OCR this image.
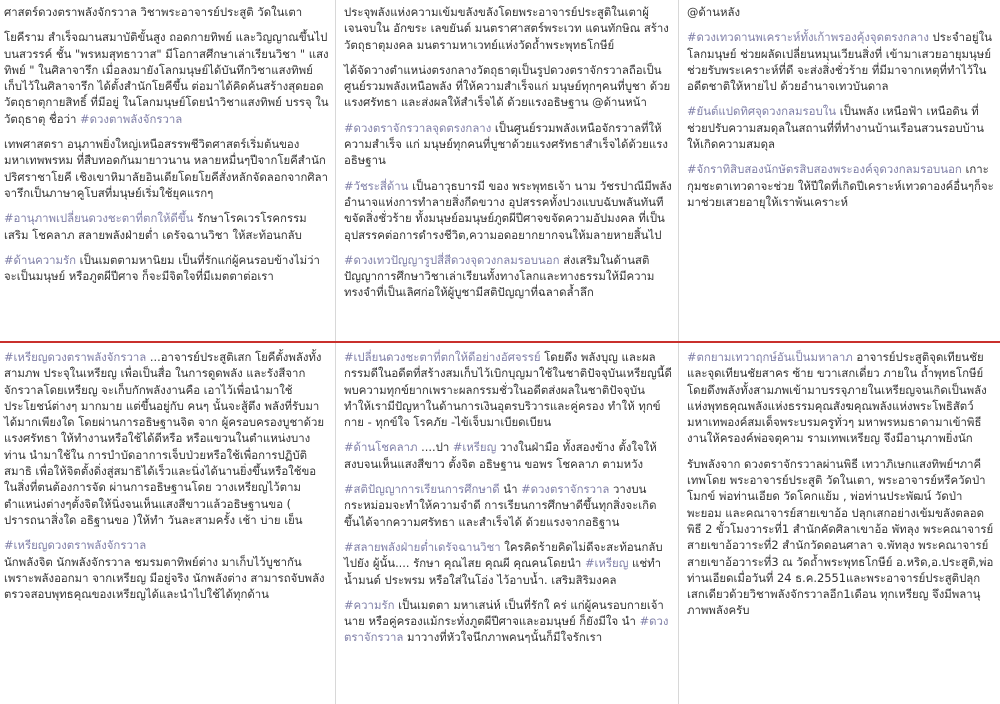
ศาสตร์ดวงตราพลังจักรวาล วิชาพระอาจารย์ประสูติ วัดในเตา
โยคีราม สำเร็จฌานสมาบัติขั้นสูง ถอดกายทิพย์ และวิญญาณขึ้นไปบนสวรรค์ ชั้น "พรหมสุทธาวาส" มีโอกาสศึกษาเล่าเรียนวิชา " แสงทิพย์ " ในศิลาจารึก เมื่อลงมายังโลกมนุษย์ได้บันทึกวิชาแสงทิพย์ เก็บไว้ในศิลาจารึก ได้ตั้งสำนักโยคีขึ้น ต่อมาได้คิดค้นสร้างสุดยอดวัตถุธาตุกายสิทธิ์ ที่มีอยู่ ในโลกมนุษย์โดยนำวิชาแสงทิพย์ บรรจุ ใน วัตถุธาตุ ชื่อว่า #ดวงตาพลังจักรวาล
เทพศาสตรา อนุภาพยิ่งใหญ่เหนือสรรพชีวิตศาสตร์เริ่มต้นของมหาเทพพรหม ที่สืบทอดกันมายาวนาน หลายหมื่นๆปีจากโยคีสำนักปริศราชาโยคี เชิงเขาหิมาลัยอินเดียโดยโยคีสั่งหลักจัดลอกจากศิลาจารึกเป็นภาษาคูโบสที่มนุษย์เริ่มใช้ยุคแรกๆ
#อานุภาพเปลี่ยนดวงชะตาที่ตกให้ดีขึ้น รักษาโรคเวรโรคกรรม เสริม โชคลาภ สลายพลังฝ่ายต่ำ เดรัจฉานวิชา ให้สะท้อนกลับ
#ด้านความรัก เป็นเมตตามหานิยม เป็นที่รักแก่ผู้คนรอบข้างไม่ว่าจะเป็นมนุษย์ หรือภูตผีปีศาจ ก็จะมีจิตใจที่มีเมตตาต่อเรา
ประจุพลังแห่งความเข้มขลังขลังโดยพระอาจารย์ประสูติในเตาผู้เจนจบใน อักขระ เลขยันต์ มนตราศาสตร์พระเวท แดนทักษิณ สร้างวัตถุธาตุมงคล มนตรามหาเวทย์แห่งวัดถ้ำพระพุทธโกษีย์
ได้จัดวางตำแหน่งตรงกลางวัตถุธาตุเป็นรูปดวงตราจักรวาลถือเป็นศูนย์รวมพลังเหนือพลัง ที่ให้ความสำเร็จแก่ มนุษย์ทุกๆคนที่บูชา ด้วยแรงศรัทธา และส่งผลให้สำเร็จได้ ด้วยแรงอธิษฐาน @ด้านหน้า
#ดวงตราจักรวาลจุดตรงกลาง เป็นศูนย์รวมพลังเหนือจักรวาลที่ให้ความสำเร็จ แก่ มนุษย์ทุกคนที่บูชาด้วยแรงศรัทธาสำเร็จได้ด้วยแรงอธิษฐาน
#วัชระสี่ด้าน เป็นอาวุธบารมี ของ พระพุทธเจ้า นาม วัชรปาณีมีพลังอำนาจแห่งการทำลายสิ่งกีดขวาง อุปสรรคทั้งปวงแบบฉับพลันทันที ขจัดสิ่งชั่วร้าย ทั้งมนุษย์อมนุษย์ภูตผีปีศาจขจัดความอัปมงคล ที่เป็นอุปสรรคต่อการดำรงชีวิต,ความอดอยากยากจนให้มลายหายสิ้นไป
#ดวงเทวปัญญารูปสี่สีดวงจุดวงกลมรอบนอก ส่งเสริมในด้านสติปัญญาการศึกษาวิชาเล่าเรียนทั้งทางโลกและทางธรรมให้มีความทรงจำที่เป็นเลิศก่อให้ผู้บูชามีสติปัญญาที่ฉลาดล้ำลึก
@ด้านหลัง
#ดวงเทวดานพเคราะห์ทั้งเก้าพรองคุ้งจุดตรงกลาง ประจำอยู่ในโลกมนุษย์ ช่วยผลัดเปลี่ยนหมุนเวียนสิ่งที่ เข้ามาเสวยอายุมนุษย์ ช่วยรับพระเคราะห์ที่ดี จะส่งสิ่งชั่วร้าย ที่มีมาจากเหตุที่ทำไว้ในอดีตชาติให้หายไป ด้วยอำนาจเทวบันดาล
#ยันต์แปดทิศจุดวงกลมรอบใน เป็นพลัง เหนือฟ้า เหนือดิน ที่ช่วยปรับความสมดุลในสถานที่ที่ทำงานบ้านเรือนสวนรอบบ้านให้เกิดความสมดุล
#จักราทิสิบสองนักษัตรสิบสองพระองค์จุดวงกลมรอบนอก เกาะกุมชะตาเทวดาจะช่วย ให้ปีใดที่เกิดปีเคราะห์เทวดาองค์อื่นๆก็จะมาช่วยเสวยอายุให้เราพ้นเคราะห์
#เหรียญดวงตราพลังจักรวาล ...อาจารย์ประสูติเสก โยคีตั้งพลังทั้งสามภพ ประจุในเหรียญ เพื่อเป็นสื่อ ในการดูดพลัง และรังสีจากจักรวาลโดยเหรียญ จะเก็บกักพลังงานคือ เอาไว้เพื่อนำมาใช้ประโยชน์ต่างๆ มากมาย แต่ขึ้นอยู่กับ คนๆ นั้นจะสู้ตึง พลังที่รับมาได้มากเพียงใด โดยผ่านการอธิษฐานจิต จาก ผู้ครอบครองบูชาด้วยแรงศรัทธา ให้ทำงานหรือใช้ได้ดีหรือ หรือแขวนในตำแหน่งบางท่าน นำมาใช้ใน การบำบัดอาการเจ็บป่วยหรือใช้เพื่อการปฏิบัติสมาธิ เพื่อให้จิตตั้งดิ่งสู่สมาธิได้เร็วและนิ่งได้นานยิ่งขึ้นหรือใช้ขอ ในสิ่งที่ตนต้องการจัด ผ่านการอธิษฐานโดย วางเหรียญไว้ตามตำแหน่งต่างๆตั้งจิตให้นิ่งจนเห็นแสงสีขาวแล้วอธิษฐานขอ ( ปรารถนาสิ่งใด อธิฐานขอ )ให้ทำ วันละสามครั้ง เช้า บ่าย เย็น
#เหรียญดวงตราพลังจักรวาล
นักพลังจิต นักพลังจักรวาล ชมรมตาทิพย์ต่าง มาเก็บไว้บูชากันเพราะพลังออกมา จากเหรียญ มีอยู่จริง นักพลังต่าง สามารถจับพลังตรวจสอบพุทธคุณของเหรียญได้และนำไปใช้ได้ทุกด้าน
#เปลี่ยนดวงชะตาที่ตกให้ดีอย่างอัศจรรย์ โดยดึง พลังบุญ และผลกรรมดีในอดีตที่สร้างสมเก็บไว้เบิกบุญมาใช้ในชาติปัจจุบันเหรียญนี้ดี พบความทุกข์ยากเพราะผลกรรมชั่วในอดีตส่งผลในชาติปัจจุบัน ทำให้เรามีปัญหาในด้านการเงินอุตรบริวารและคู่ครอง ทำให้ ทุกข์กาย - ทุกข์ใจ โรคภัย -ไข้เจ็บมาเบียดเบียน
#ด้านโชคลาภ ....ปา #เหรียญ วางในฝ่ามือ ทั้งสองข้าง ตั้งใจให้สงบจนเห็นแสงสีขาว ตั้งจิต อธิษฐาน ขอพร โชคลาภ ตามหวัง
#สติปัญญาการเรียนการศึกษาดี นำ #ดวงตราจักรวาล วางบนกระหม่อมจะทำให้ความจำดี การเรียนการศึกษาดีขึ้นทุกสิ่งจะเกิดขึ้นได้จากความศรัทธา และสำเร็จได้ ด้วยแรงจากอธิฐาน
#สลายพลังฝ่ายต่ำเดรัจฉานวิชา ใครคิดร้ายคิดไม่ดีจะสะท้อนกลับไปยัง ผู้นั้น.... รักษา คุณไสย คุณผี คุณคนโดยนำ #เหรียญ แช่ทำน้ำมนต์ ประพรม หรือใส่ในโอ่ง ไว้อาบน้ำ. เสริมสิริมงคล
#ความรัก เป็นเมตตา มหาเสน่ห์ เป็นที่รักใ คร่ แก่ผู้คนรอบกายเจ้านาย หรือคู่ครองแม้กระทั่งภูตผีปีศาจและอมนุษย์ ก็ยังมีใจ นำ #ดวงตราจักรวาล มาวางที่หัวใจนึกภาพคนๆนั้นก็มีใจรักเรา
#ตกยามเทวาฤกษ์อันเป็นมหาลาภ อาจารย์ประสูติจุดเทียนชัยและจุดเทียนชัยสาคร ซ้าย ขวาเสกเดี่ยว ภายใน ถ้ำพุทธโกษีย์โดยดึงพลังทั้งสามภพเข้ามาบรรจุภายในเหรียญจนเกิดเป็นพลังแห่งพุทธคุณพลังแห่งธรรมคุณสังฆคุณพลังแห่งพระโพธิสัตว์มหาเทพองค์สมเด็จพระบรมครูทั่วๆ มหาพรหมธาดามาเข้าพิธีงานให้ครองค์พ่อจตุคาม รามเทพเหรียญ จึงมีอานุภาพยิ่งนัก
รับพลังจาก ดวงตราจักรวาลผ่านพิธี เทวาภิเษกแสงทิพย์ฯภาคีเทพโดย พระอาจารย์ประสูติ วัดในเตา, พระอาจารย์หรีควัดป่าโมกข์ พ่อท่านเอียด วัดโคกแย้ม , พ่อท่านประพัฒน์ วัดป่าพะยอม และคณาจารย์สายเขาอ้อ ปลุกเสกอย่างเข้มขลังตลอดพิธี 2 ขั้วโมงวาระที่1 สำนักคัดศิลาเขาอ้อ พัทลุง พระคณาจารย์ สายเขาอ้อวาระที่2 สำนักวัดดอนศาลา จ.พัทลุง พระคณาจารย์ สายเขาอ้อวาระที่3 ณ วัดถ้ำพระพุทธโกษีย์ อ.หริด,อ.ประสูติ,พ่อท่านเอียดเมื่อวันที่ 24 ธ.ค.2551และพระอาจารย์ประสูติปลุกเสกเดียวด้วยวิชาพลังจักรวาลอีก1เดือน ทุกเหรียญ จึงมีพลานุภาพพลังครับ
